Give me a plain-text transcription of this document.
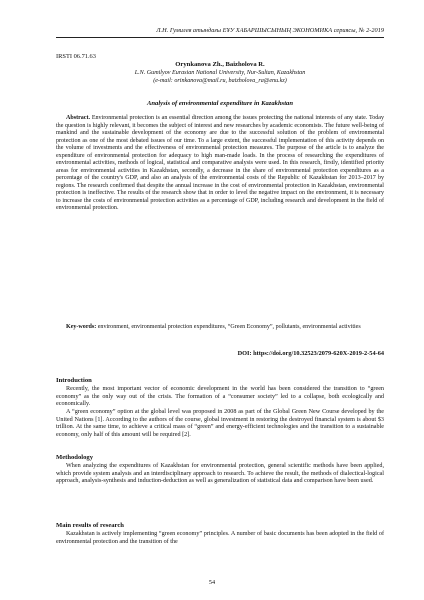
Л.Н. Гумилев атындағы ЕҰУ ХАБАРШЫСЫНЫҢ ЭКОНОМИКА сериясы, № 2-2019
IRSTI 06.71.63
Orynkanova Zh., Baizholova R.
L.N. Gumilyov Eurasian National University, Nur-Sultan, Kazakhstan
(e-mail: orinkanova@mail.ru, baizholova_ra@enu.kz)
Analysis of environmental expenditure in Kazakhstan

Abstract. Environmental protection is an essential direction among the issues protecting the national interests of any state. Today the question is highly relevant, it becomes the subject of interest and new researches by academic economists. The future well-being of mankind and the sustainable development of the economy are due to the successful solution of the problem of environmental protection as one of the most debated issues of our time. To a large extent, the successful implementation of this activity depends on the volume of investments and the effectiveness of environmental protection measures. The purpose of the article is to analyze the expenditure of environmental protection for adequacy to high man-made loads. In the process of researching the expenditures of environmental activities, methods of logical, statistical and comparative analysis were used. In this research, firstly, identified priority areas for environmental activities in Kazakhstan, secondly, a decrease in the share of environmental protection expenditures as a percentage of the country's GDP, and also an analysis of the environmental costs of the Republic of Kazakhstan for 2013–2017 by regions. The research confirmed that despite the annual increase in the cost of environmental protection in Kazakhstan, environmental protection is ineffective. The results of the research show that in order to level the negative impact on the environment, it is necessary to increase the costs of environmental protection activities as a percentage of GDP, including research and development in the field of environmental protection.

Key-words: environment, environmental protection expenditures, “Green Economy”, pollutants, environmental activities

DOI: https://doi.org/10.32523/2079-620X-2019-2-54-64
Introduction

Recently, the most important vector of economic development in the world has been considered the transition to “green economy” as the only way out of the crisis. The formation of a “consumer society” led to a collapse, both ecologically and economically.

A “green economy” option at the global level was proposed in 2008 as part of the Global Green New Course developed by the United Nations [1]. According to the authors of the course, global investment in restoring the destroyed financial system is about $3 trillion. At the same time, to achieve a critical mass of “green” and energy-efficient technologies and the transition to a sustainable economy, only half of this amount will be required [2].

Methodology

When analyzing the expenditures of Kazakhstan for environmental protection, general scientific methods have been applied, which provide system analysis and an interdisciplinary approach to research. To achieve the result, the methods of dialectical-logical approach, analysis-synthesis and induction-deduction as well as generalization of statistical data and comparison have been used.

Main results of research

Kazakhstan is actively implementing “green economy” principles. A number of basic documents has been adopted in the field of environmental protection and the transition of the

54
